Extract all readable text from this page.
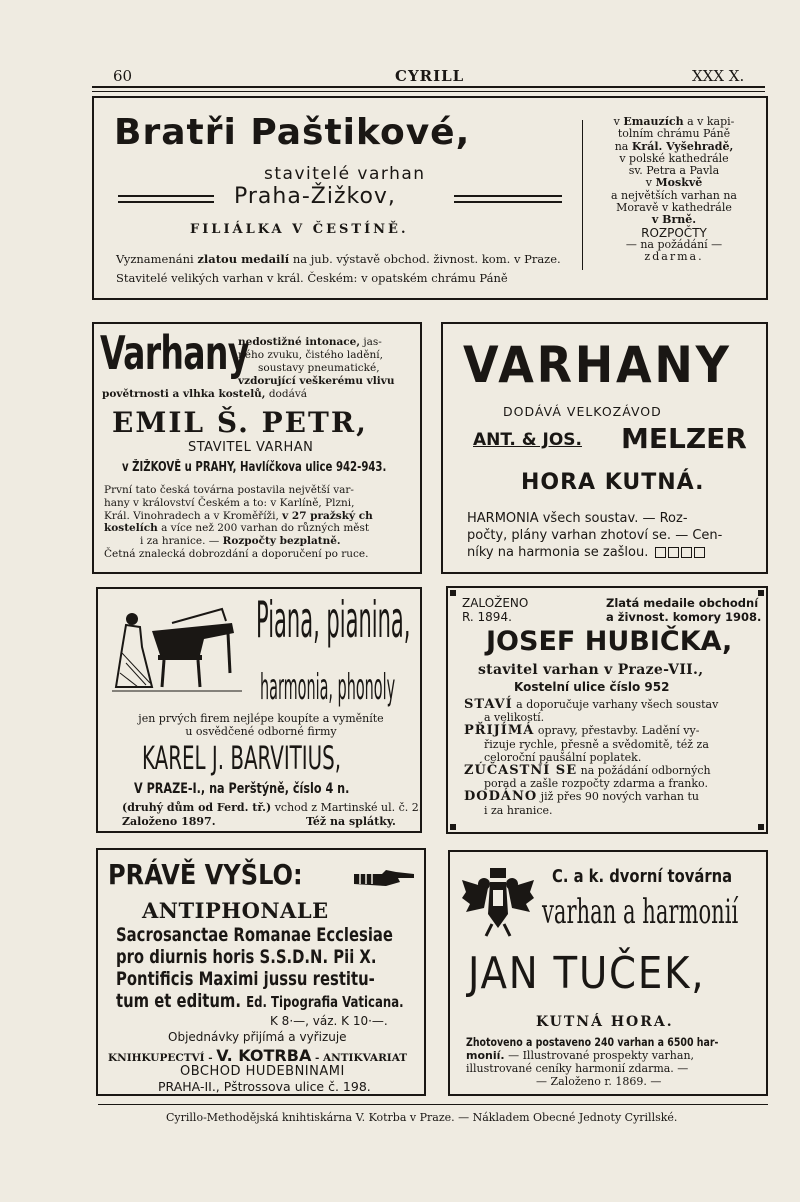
60	CYRILL	XXX X.
Bratři Paštikové,
stavitelé varhan
Praha-Žižkov,
FILIÁLKA V ČESTÍNĚ.
Vyznamenáni zlatou medailí na jub. výstavě obchod. živnost. kom. v Praze.
Stavitelé velikých varhan v král. Českém: v opatském chrámu Páně
v Emauzích a v kapi-
tolním chrámu Páně
na Král. Vyšehradě,
v polské kathedrále
sv. Petra a Pavla
v Moskvě
a největších varhan na
Moravě v kathedrále
v Brně.
ROZPOČTY
— na požádání —
zdarma.
Varhany
nedostižné intonace, jas-
ného zvuku, čistého ladění,
soustavy pneumatické,
vzdorující veškerému vlivu
povětrnosti a vlhka kostelů, dodává
EMIL Š. PETR,
STAVITEL VARHAN
v ŽIŽKOVĚ u PRAHY, Havlíčkova ulice 942-943.
První tato česká továrna postavila největší var-
hany v království Českém a to: v Karlíně, Plzni,
Král. Vinohradech a v Kroměříži, v 27 pražský ch
kostelích a více než 200 varhan do různých měst
i za hranice. — Rozpočty bezplatně.
Četná znalecká dobrozdání a doporučení po ruce.
VARHANY
DODÁVÁ VELKOZÁVOD
ANT. & JOS. MELZER
HORA KUTNÁ.
HARMONIA všech soustav. — Roz-
počty, plány varhan zhotoví se. — Cen-
níky na harmonia se zašlou.
Piana, pianina,
harmonia, phonoly
jen prvých firem nejlépe koupíte a vyměníte
u osvědčené odborné firmy
KAREL J. BARVITIUS,
V PRAZE-I., na Perštýně, číslo 4 n.
(druhý dům od Ferd. tř.) vchod z Martinské ul. č. 2.
Založeno 1897.	Též na splátky.
ZALOŽENO
R. 1894.
Zlatá medaile obchodní
a živnost. komory 1908.
JOSEF HUBIČKA,
stavitel varhan v Praze-VII.,
Kostelní ulice číslo 952
STAVÍ a doporučuje varhany všech soustav
a velikostí.
PŘIJÍMÁ opravy, přestavby. Ladění vy-
řizuje rychle, přesně a svědomitě, též za
celoroční paušální poplatek.
ZÚČASTNÍ SE na požádání odborných
porad a zašle rozpočty zdarma a franko.
DODÁNO již přes 90 nových varhan tu
i za hranice.
PRÁVĚ VYŠLO:
ANTIPHONALE
Sacrosanctae Romanae Ecclesiae
pro diurnis horis S.S.D.N. Pii X.
Pontificis Maximi jussu restitu-
tum et editum. Ed. Tipografia Vaticana.
K 8·—, váz. K 10·—.
Objednávky přijímá a vyřizuje
KNIHKUPECTVÍ - V. KOTRBA - ANTIKVARIAT
OBCHOD HUDEBNINAMI
PRAHA-II., Pštrossova ulice č. 198.
C. a k. dvorní továrna
varhan a harmonií
JAN TUČEK,
KUTNÁ HORA.
Zhotoveno a postaveno 240 varhan a 6500 har-
monií. — Illustrované prospekty varhan,
illustrované ceníky harmonií zdarma. —
— Založeno r. 1869. —
Cyrillo-Methodějská knihtiskárna V. Kotrba v Praze. — Nákladem Obecné Jednoty Cyrillské.
